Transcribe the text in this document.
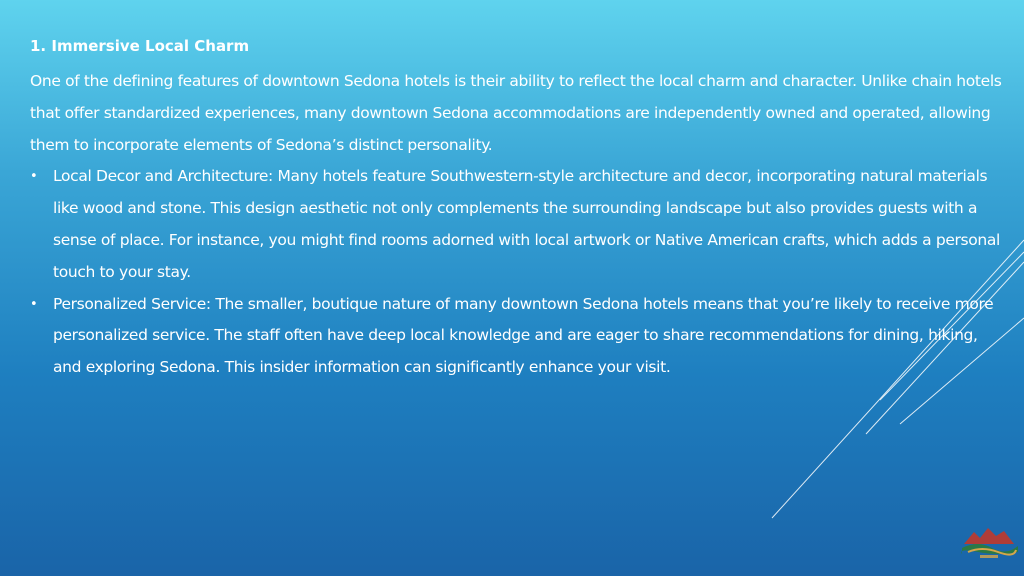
1. Immersive Local Charm

One of the defining features of downtown Sedona hotels is their ability to reflect the local charm and character. Unlike chain hotels that offer standardized experiences, many downtown Sedona accommodations are independently owned and operated, allowing them to incorporate elements of Sedona’s distinct personality.

• Local Decor and Architecture: Many hotels feature Southwestern-style architecture and decor, incorporating natural materials like wood and stone. This design aesthetic not only complements the surrounding landscape but also provides guests with a sense of place. For instance, you might find rooms adorned with local artwork or Native American crafts, which adds a personal touch to your stay.
• Personalized Service: The smaller, boutique nature of many downtown Sedona hotels means that you’re likely to receive more personalized service. The staff often have deep local knowledge and are eager to share recommendations for dining, hiking, and exploring Sedona. This insider information can significantly enhance your visit.
